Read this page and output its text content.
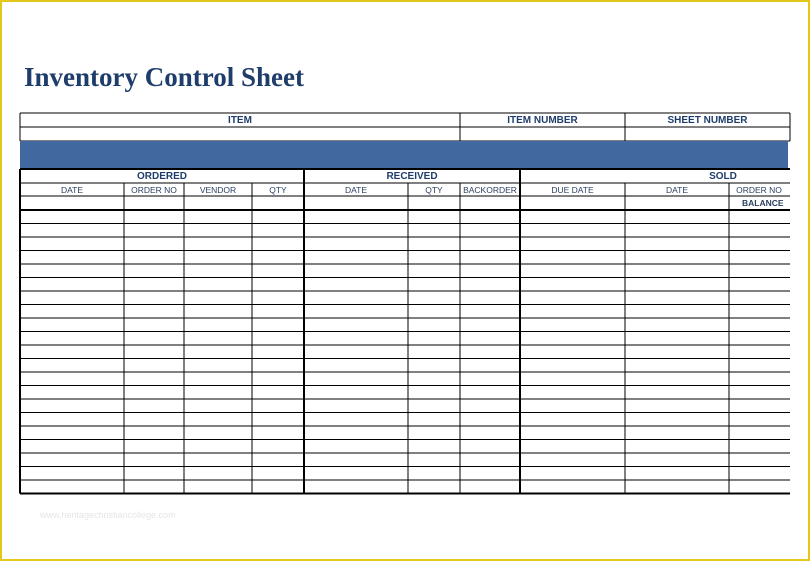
Inventory Control Sheet
ITEM	ITEM NUMBER	SHEET NUMBER
ORDERED	RECEIVED	SOLD
DATE	ORDER NO	VENDOR	QTY	DATE	QTY	BACKORDER	DUE DATE	DATE	ORDER NO
BALANCE
www.heritagechristiancollege.com
